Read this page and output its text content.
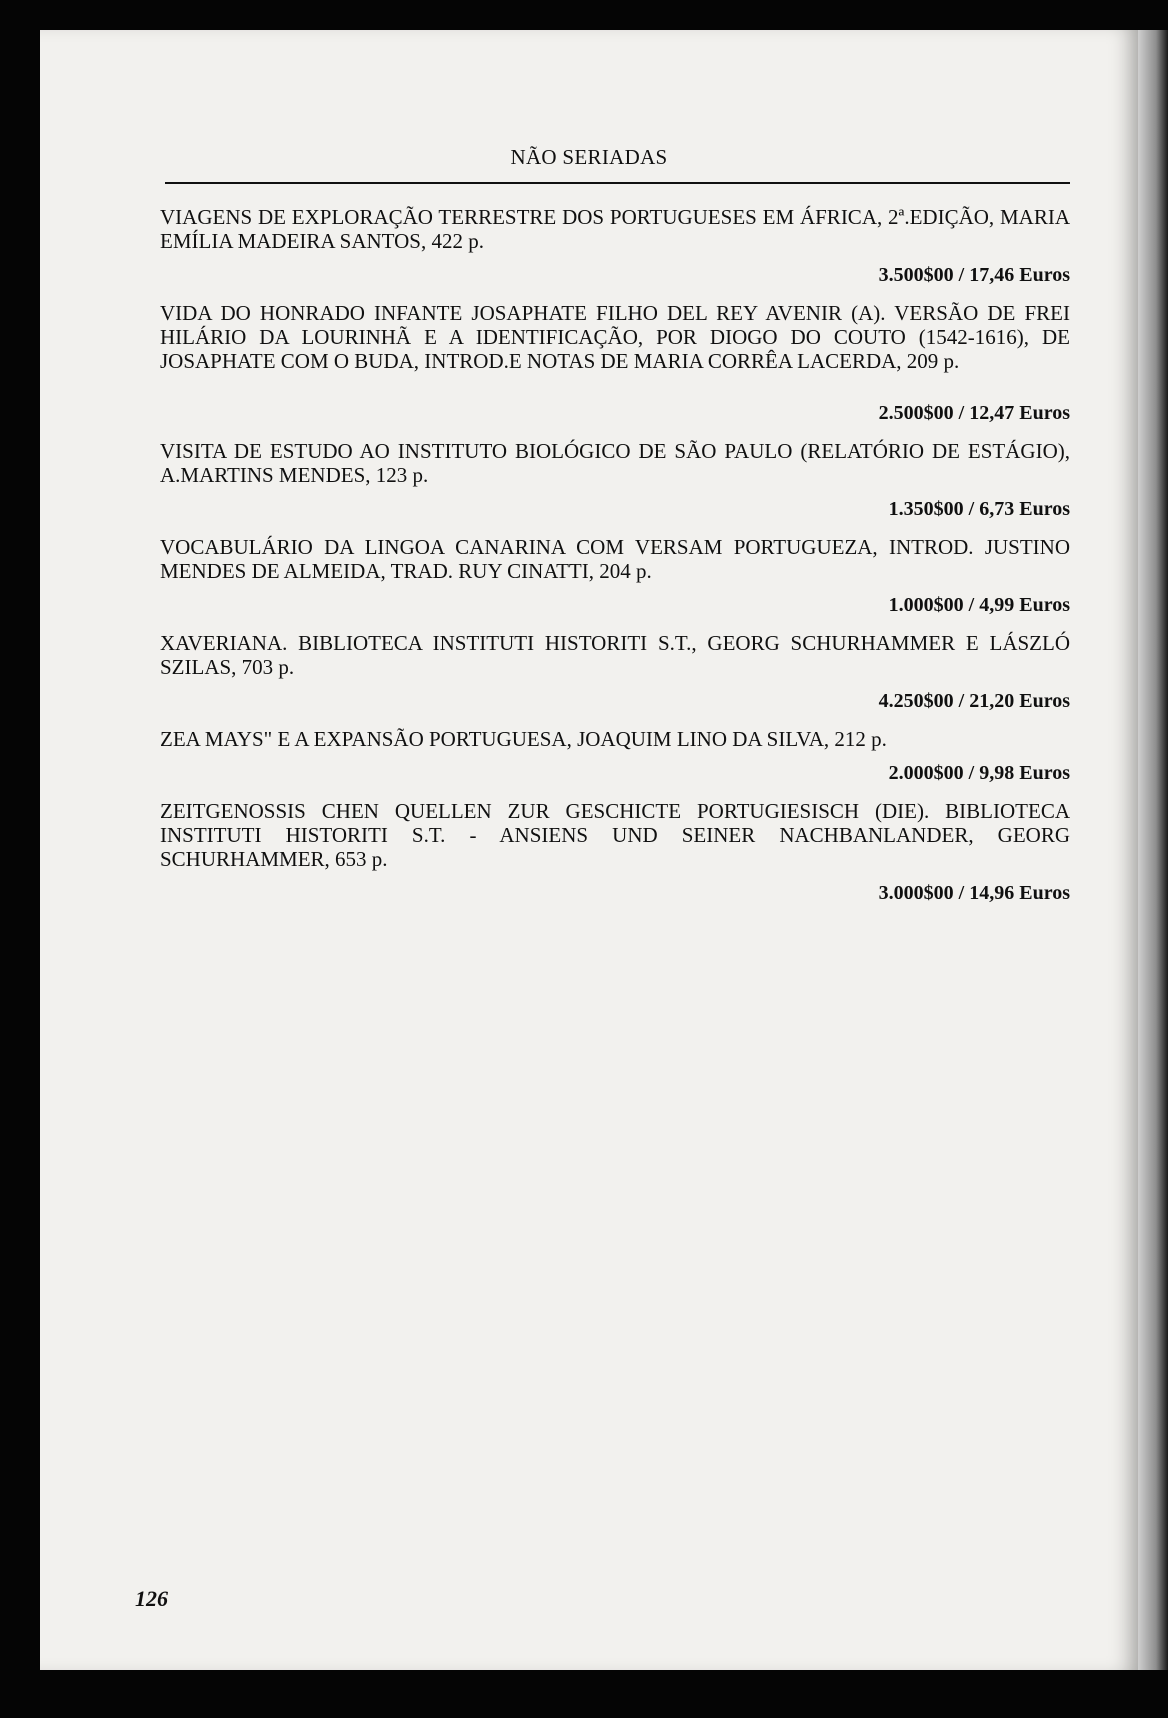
NÃO SERIADAS
VIAGENS DE EXPLORAÇÃO TERRESTRE DOS PORTUGUESES EM ÁFRICA, 2ª.EDIÇÃO, MARIA EMÍLIA MADEIRA SANTOS, 422 p.
3.500$00 / 17,46 Euros
VIDA DO HONRADO INFANTE JOSAPHATE FILHO DEL REY AVENIR (A). VERSÃO DE FREI HILÁRIO DA LOURINHÃ E A IDENTIFICAÇÃO, POR DIOGO DO COUTO (1542-1616), DE JOSAPHATE COM O BUDA, INTROD.E NOTAS DE MARIA CORRÊA LACERDA, 209 p.
2.500$00 / 12,47 Euros
VISITA DE ESTUDO AO INSTITUTO BIOLÓGICO DE SÃO PAULO (RELATÓRIO DE ESTÁGIO), A.MARTINS MENDES, 123 p.
1.350$00 / 6,73 Euros
VOCABULÁRIO DA LINGOA CANARINA COM VERSAM PORTUGUEZA, INTROD. JUSTINO MENDES DE ALMEIDA, TRAD. RUY CINATTI, 204 p.
1.000$00 / 4,99 Euros
XAVERIANA. BIBLIOTECA INSTITUTI HISTORITI S.T., GEORG SCHURHAMMER E LÁSZLÓ SZILAS, 703 p.
4.250$00 / 21,20 Euros
ZEA MAYS" E A EXPANSÃO PORTUGUESA, JOAQUIM LINO DA SILVA, 212 p.
2.000$00 / 9,98 Euros
ZEITGENOSSIS CHEN QUELLEN ZUR GESCHICTE PORTUGIESISCH (DIE). BIBLIOTECA INSTITUTI HISTORITI S.T. - ANSIENS UND SEINER NACHBANLANDER, GEORG SCHURHAMMER, 653 p.
3.000$00 / 14,96 Euros
126
